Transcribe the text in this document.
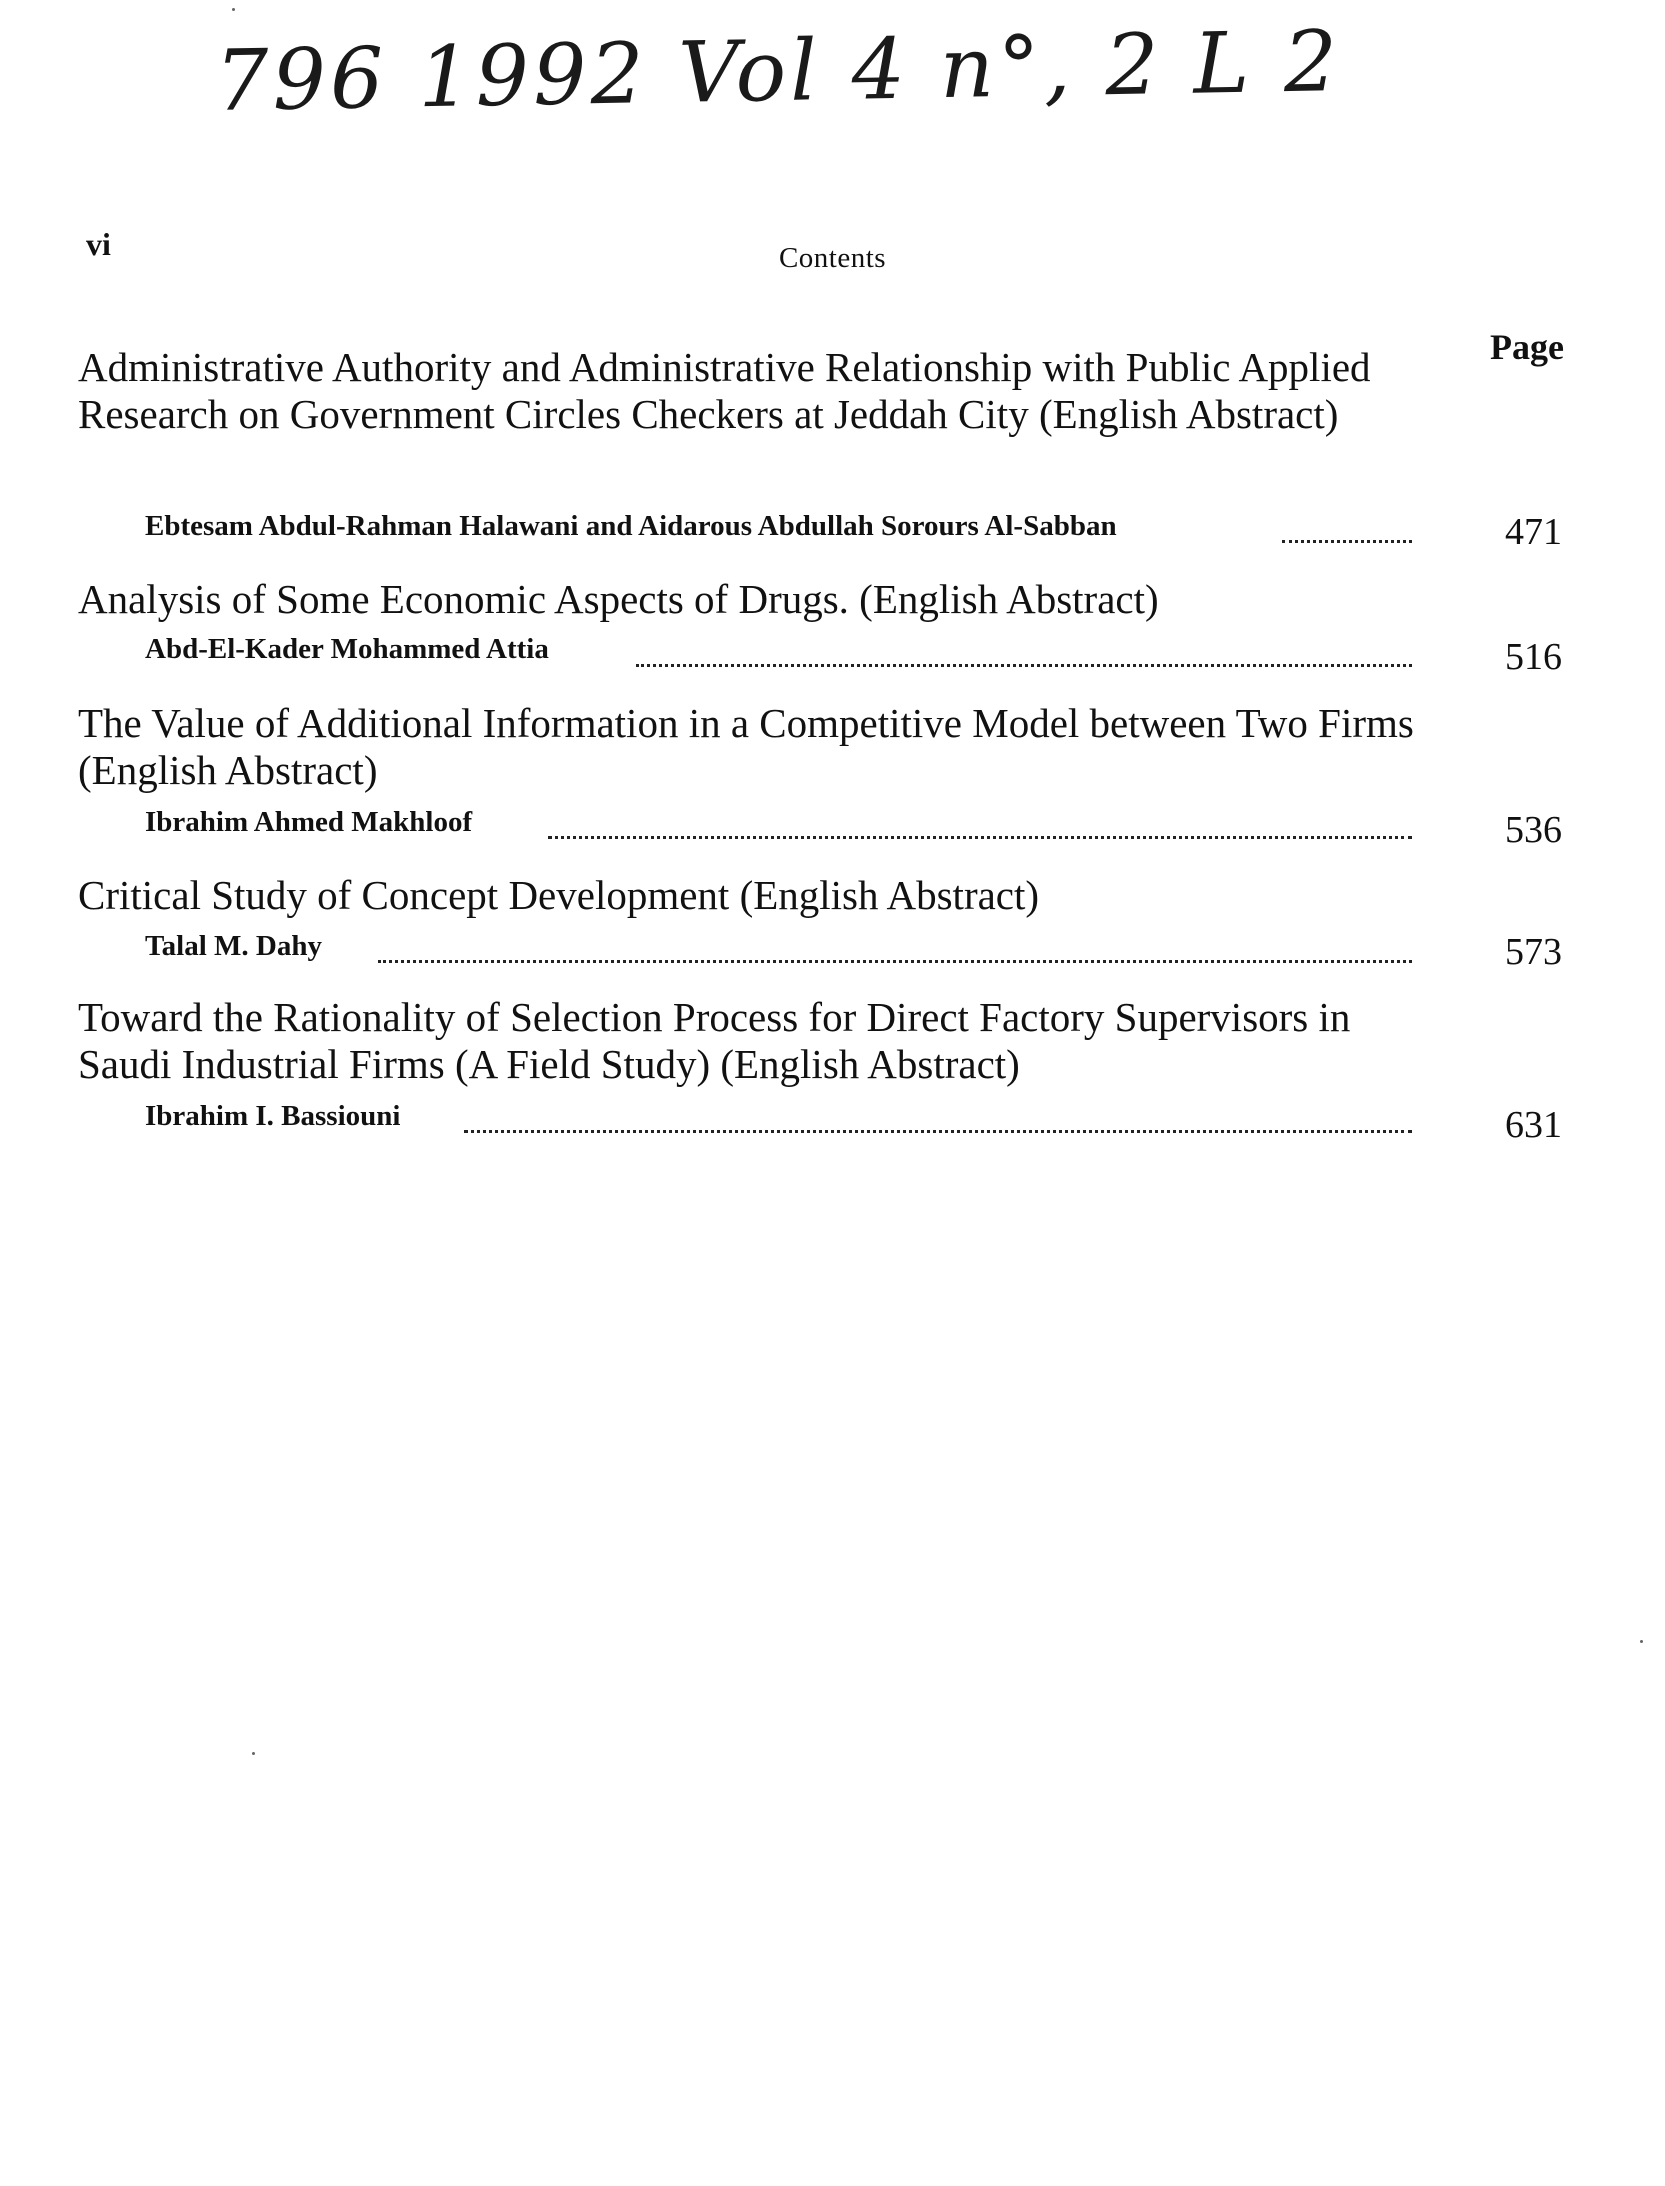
796 1992 Vol 4 n°, 2 L 2
vi	Contents
Page
Administrative Authority and Administrative Relationship with Public Applied Research on Government Circles Checkers at Jeddah City (English Abstract)
Ebtesam Abdul-Rahman Halawani and Aidarous Abdullah Sorours Al-Sabban	471
Analysis of Some Economic Aspects of Drugs. (English Abstract)
Abd-El-Kader Mohammed Attia	516
The Value of Additional Information in a Competitive Model between Two Firms (English Abstract)
Ibrahim Ahmed Makhloof	536
Critical Study of Concept Development (English Abstract)
Talal M. Dahy	573
Toward the Rationality of Selection Process for Direct Factory Supervisors in Saudi Industrial Firms (A Field Study) (English Abstract)
Ibrahim I. Bassiouni	631
